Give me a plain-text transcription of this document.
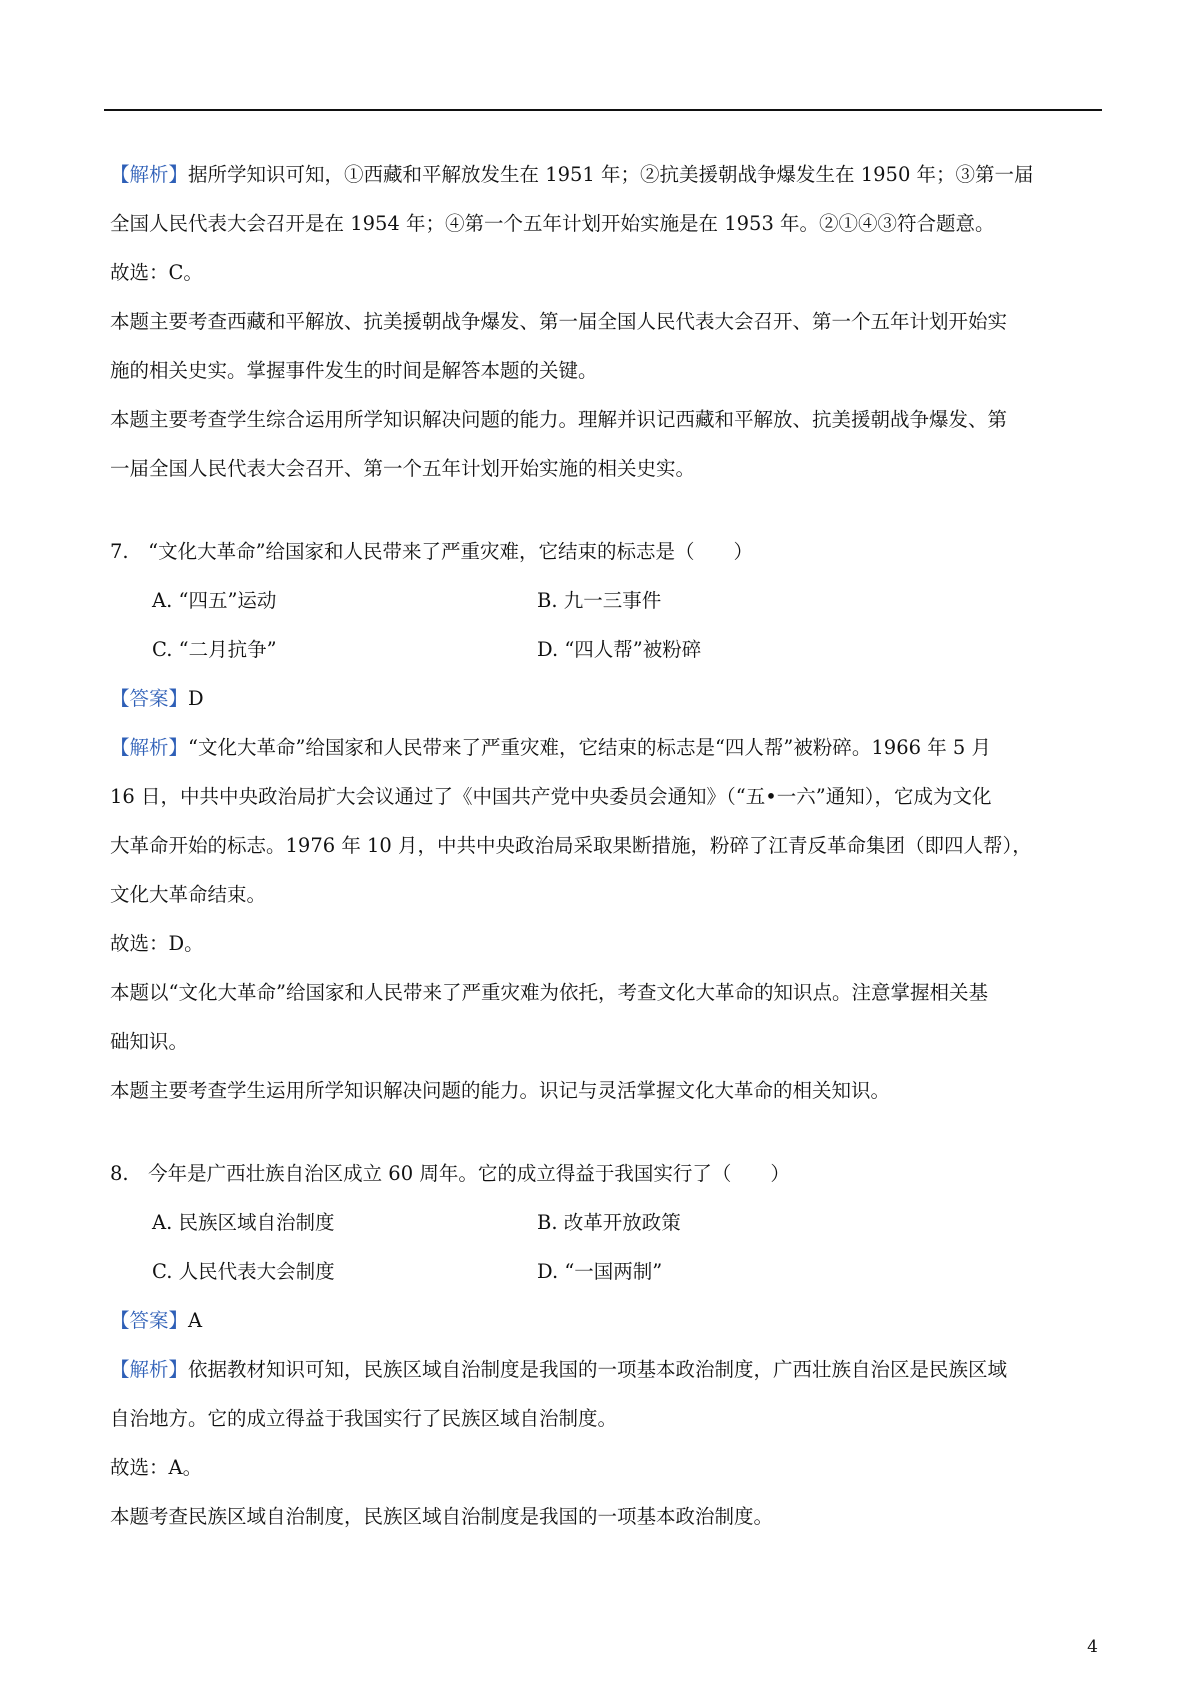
【解析】据所学知识可知，①西藏和平解放发生在 1951 年；②抗美援朝战争爆发生在 1950 年；③第一届

全国人民代表大会召开是在 1954 年；④第一个五年计划开始实施是在 1953 年。②①④③符合题意。

故选：C。

本题主要考查西藏和平解放、抗美援朝战争爆发、第一届全国人民代表大会召开、第一个五年计划开始实

施的相关史实。掌握事件发生的时间是解答本题的关键。

本题主要考查学生综合运用所学知识解决问题的能力。理解并识记西藏和平解放、抗美援朝战争爆发、第

一届全国人民代表大会召开、第一个五年计划开始实施的相关史实。

7.　“文化大革命”给国家和人民带来了严重灾难，它结束的标志是（　　）

A. “四五”运动	B. 九一三事件
C. “二月抗争”	D. “四人帮”被粉碎

【答案】D

【解析】“文化大革命”给国家和人民带来了严重灾难，它结束的标志是“四人帮”被粉碎。1966 年 5 月

16 日，中共中央政治局扩大会议通过了《中国共产党中央委员会通知》（“五•一六”通知），它成为文化

大革命开始的标志。1976 年 10 月，中共中央政治局采取果断措施，粉碎了江青反革命集团（即四人帮），

文化大革命结束。

故选：D。

本题以“文化大革命”给国家和人民带来了严重灾难为依托，考查文化大革命的知识点。注意掌握相关基

础知识。

本题主要考查学生运用所学知识解决问题的能力。识记与灵活掌握文化大革命的相关知识。

8.　今年是广西壮族自治区成立 60 周年。它的成立得益于我国实行了（　　）

A. 民族区域自治制度	B. 改革开放政策
C. 人民代表大会制度	D. “一国两制”

【答案】A

【解析】依据教材知识可知，民族区域自治制度是我国的一项基本政治制度，广西壮族自治区是民族区域

自治地方。它的成立得益于我国实行了民族区域自治制度。

故选：A。

本题考查民族区域自治制度，民族区域自治制度是我国的一项基本政治制度。

4
